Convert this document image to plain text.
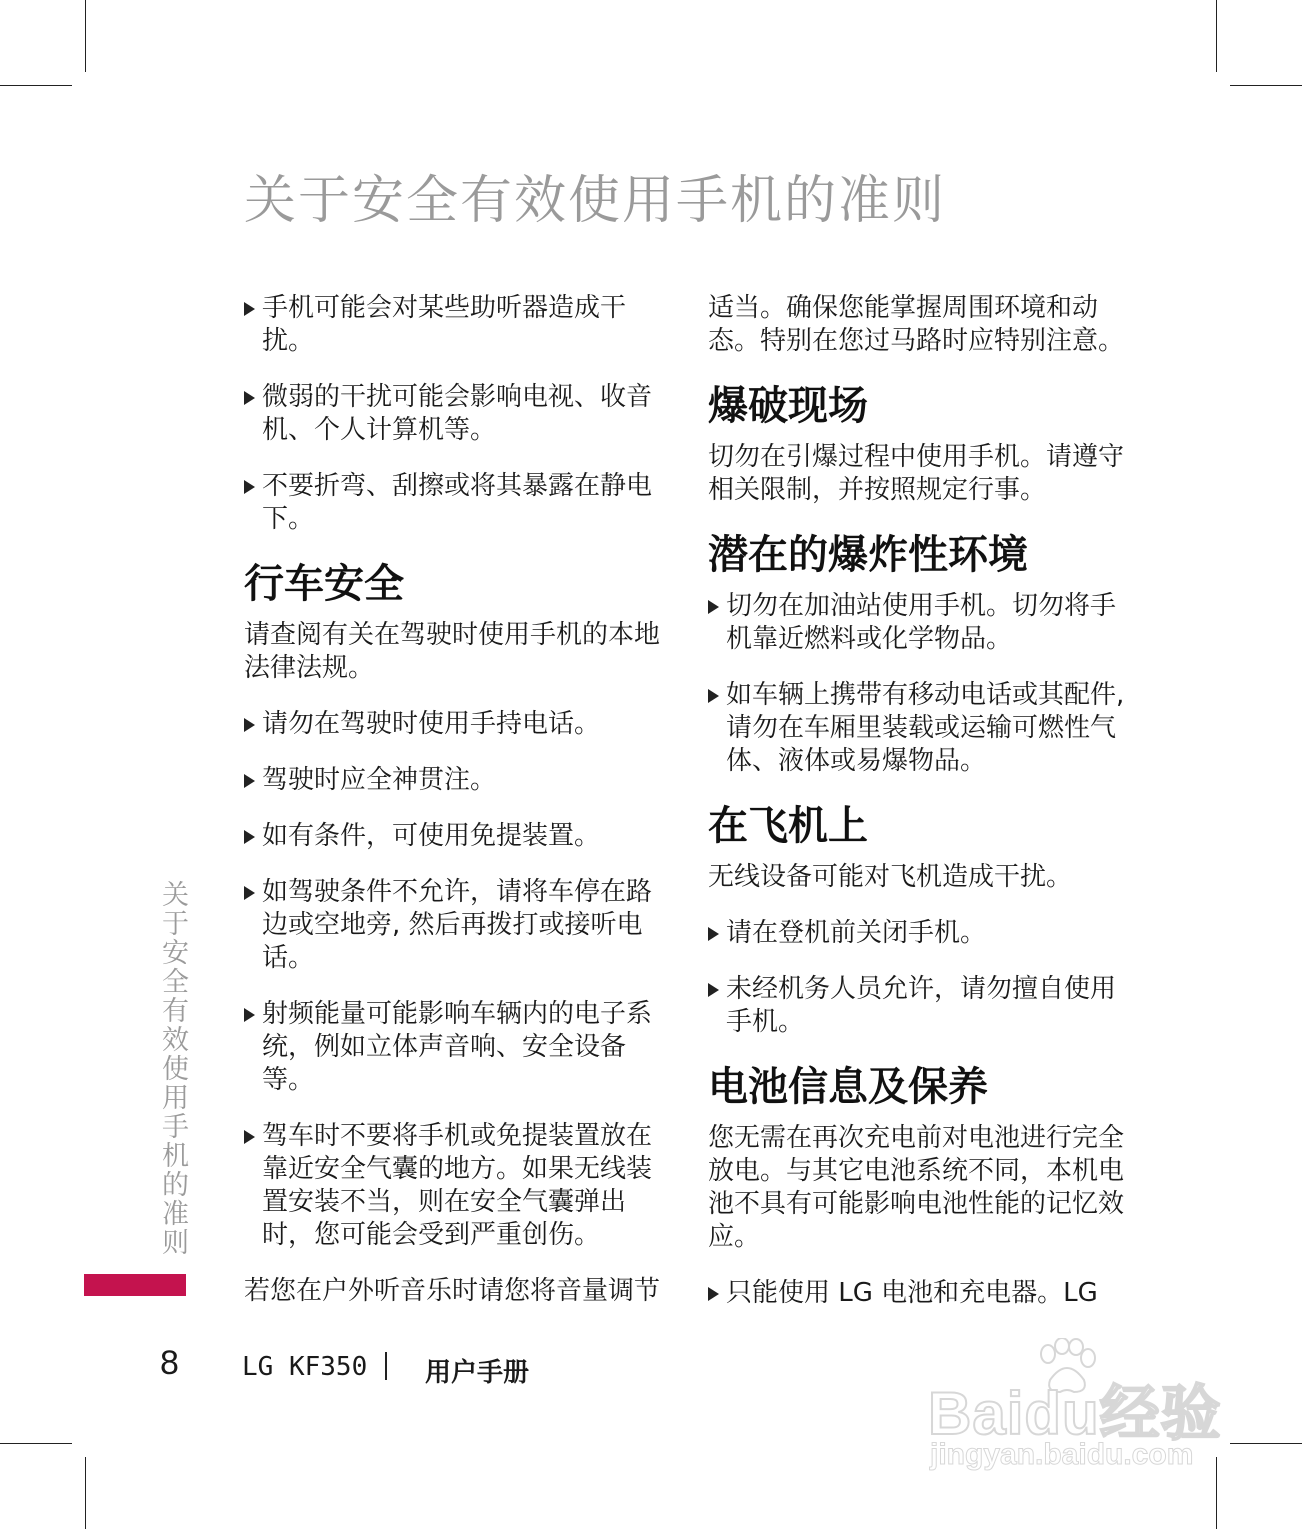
关于安全有效使用手机的准则
手机可能会对某些助听器造成干扰。
微弱的干扰可能会影响电视、收音机、个人计算机等。
不要折弯、刮擦或将其暴露在静电下。
行车安全
请查阅有关在驾驶时使用手机的本地法律法规。
请勿在驾驶时使用手持电话。
驾驶时应全神贯注。
如有条件，可使用免提装置。
如驾驶条件不允许，请将车停在路边或空地旁, 然后再拨打或接听电话。
射频能量可能影响车辆内的电子系统，例如立体声音响、安全设备等。
驾车时不要将手机或免提装置放在靠近安全气囊的地方。如果无线装置安装不当，则在安全气囊弹出时，您可能会受到严重创伤。
若您在户外听音乐时请您将音量调节
适当。确保您能掌握周围环境和动态。特别在您过马路时应特别注意。
爆破现场
切勿在引爆过程中使用手机。请遵守相关限制，并按照规定行事。
潜在的爆炸性环境
切勿在加油站使用手机。切勿将手机靠近燃料或化学物品。
如车辆上携带有移动电话或其配件,请勿在车厢里装载或运输可燃性气体、液体或易爆物品。
在飞机上
无线设备可能对飞机造成干扰。
请在登机前关闭手机。
未经机务人员允许，请勿擅自使用手机。
电池信息及保养
您无需在再次充电前对电池进行完全放电。与其它电池系统不同，本机电池不具有可能影响电池性能的记忆效应。
只能使用 LG 电池和充电器。LG
关于安全有效使用手机的准则
8 LG KF350 用户手册
Baidu经验
jingyan.baidu.com
